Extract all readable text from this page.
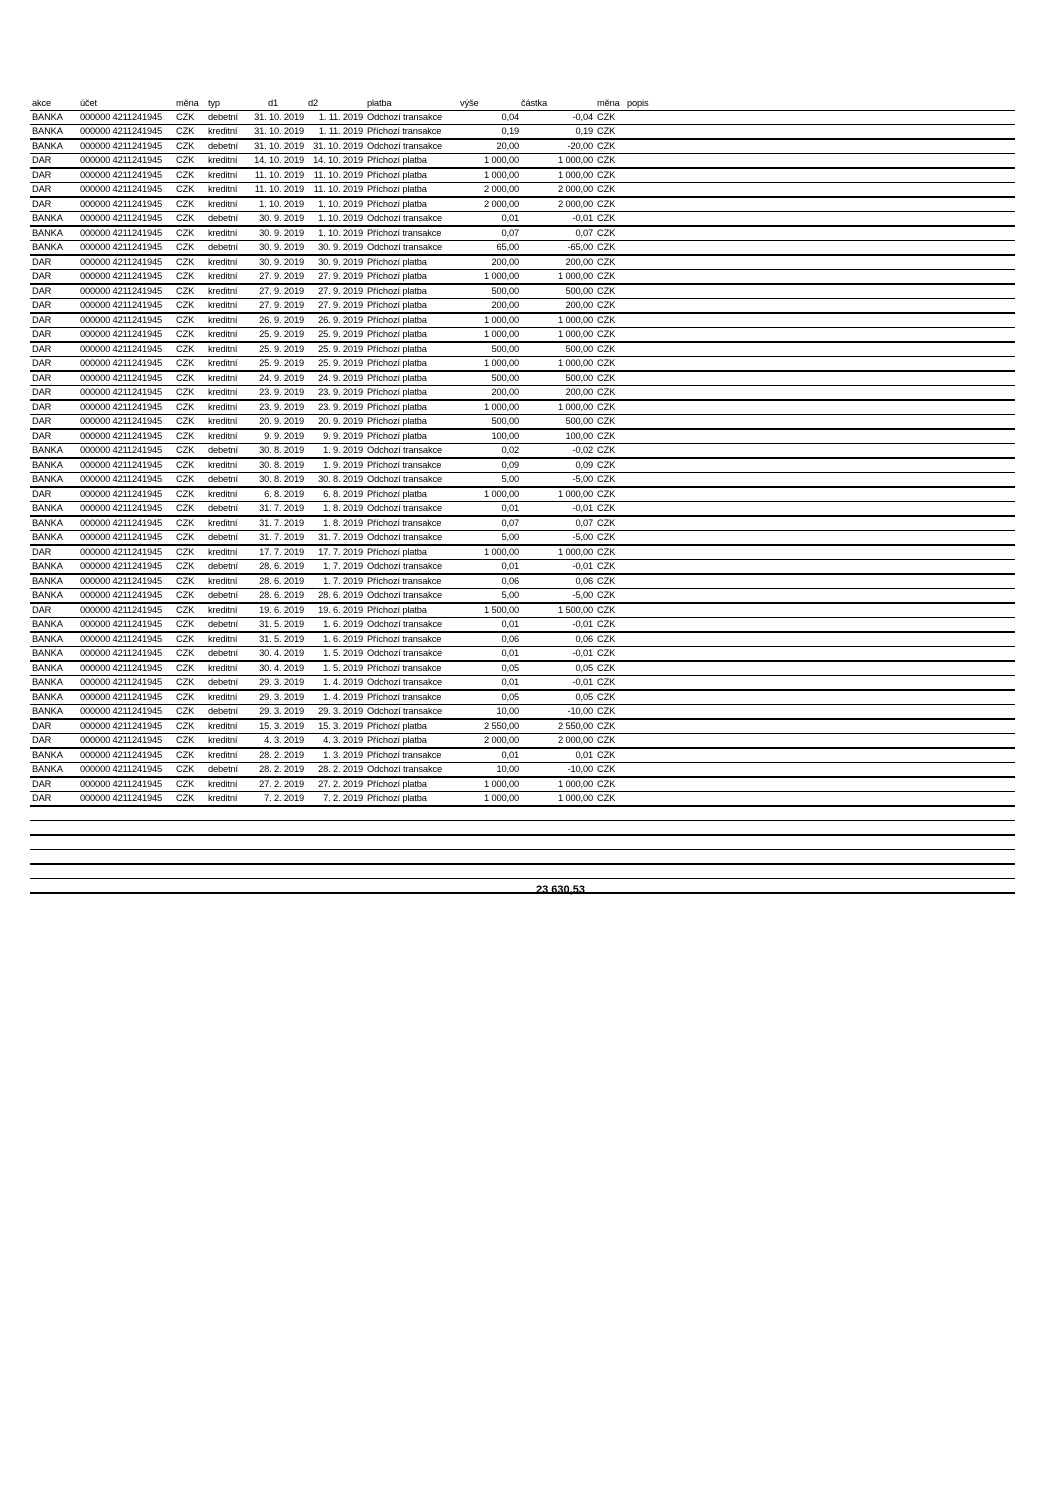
akce	účet	měna	typ	d1	d2	platba	výše	částka	měna	popis
BANKA	000000 4211241945	CZK	debetní	31. 10. 2019	1. 11. 2019	Odchozí transakce	0,04	-0,04	CZK	
BANKA	000000 4211241945	CZK	kreditní	31. 10. 2019	1. 11. 2019	Příchozí transakce	0,19	0,19	CZK	
BANKA	000000 4211241945	CZK	debetní	31. 10. 2019	31. 10. 2019	Odchozí transakce	20,00	-20,00	CZK	
DAR	000000 4211241945	CZK	kreditní	14. 10. 2019	14. 10. 2019	Příchozí platba	1 000,00	1 000,00	CZK	
DAR	000000 4211241945	CZK	kreditní	11. 10. 2019	11. 10. 2019	Příchozí platba	1 000,00	1 000,00	CZK	
DAR	000000 4211241945	CZK	kreditní	11. 10. 2019	11. 10. 2019	Příchozí platba	2 000,00	2 000,00	CZK	
DAR	000000 4211241945	CZK	kreditní	1. 10. 2019	1. 10. 2019	Příchozí platba	2 000,00	2 000,00	CZK	
BANKA	000000 4211241945	CZK	debetní	30. 9. 2019	1. 10. 2019	Odchozí transakce	0,01	-0,01	CZK	
BANKA	000000 4211241945	CZK	kreditní	30. 9. 2019	1. 10. 2019	Příchozí transakce	0,07	0,07	CZK	
BANKA	000000 4211241945	CZK	debetní	30. 9. 2019	30. 9. 2019	Odchozí transakce	65,00	-65,00	CZK	
DAR	000000 4211241945	CZK	kreditní	30. 9. 2019	30. 9. 2019	Příchozí platba	200,00	200,00	CZK	
DAR	000000 4211241945	CZK	kreditní	27. 9. 2019	27. 9. 2019	Příchozí platba	1 000,00	1 000,00	CZK	
DAR	000000 4211241945	CZK	kreditní	27. 9. 2019	27. 9. 2019	Příchozí platba	500,00	500,00	CZK	
DAR	000000 4211241945	CZK	kreditní	27. 9. 2019	27. 9. 2019	Příchozí platba	200,00	200,00	CZK	
DAR	000000 4211241945	CZK	kreditní	26. 9. 2019	26. 9. 2019	Příchozí platba	1 000,00	1 000,00	CZK	
DAR	000000 4211241945	CZK	kreditní	25. 9. 2019	25. 9. 2019	Příchozí platba	1 000,00	1 000,00	CZK	
DAR	000000 4211241945	CZK	kreditní	25. 9. 2019	25. 9. 2019	Příchozí platba	500,00	500,00	CZK	
DAR	000000 4211241945	CZK	kreditní	25. 9. 2019	25. 9. 2019	Příchozí platba	1 000,00	1 000,00	CZK	
DAR	000000 4211241945	CZK	kreditní	24. 9. 2019	24. 9. 2019	Příchozí platba	500,00	500,00	CZK	
DAR	000000 4211241945	CZK	kreditní	23. 9. 2019	23. 9. 2019	Příchozí platba	200,00	200,00	CZK	
DAR	000000 4211241945	CZK	kreditní	23. 9. 2019	23. 9. 2019	Příchozí platba	1 000,00	1 000,00	CZK	
DAR	000000 4211241945	CZK	kreditní	20. 9. 2019	20. 9. 2019	Příchozí platba	500,00	500,00	CZK	
DAR	000000 4211241945	CZK	kreditní	9. 9. 2019	9. 9. 2019	Příchozí platba	100,00	100,00	CZK	
BANKA	000000 4211241945	CZK	debetní	30. 8. 2019	1. 9. 2019	Odchozí transakce	0,02	-0,02	CZK	
BANKA	000000 4211241945	CZK	kreditní	30. 8. 2019	1. 9. 2019	Příchozí transakce	0,09	0,09	CZK	
BANKA	000000 4211241945	CZK	debetní	30. 8. 2019	30. 8. 2019	Odchozí transakce	5,00	-5,00	CZK	
DAR	000000 4211241945	CZK	kreditní	6. 8. 2019	6. 8. 2019	Příchozí platba	1 000,00	1 000,00	CZK	
BANKA	000000 4211241945	CZK	debetní	31. 7. 2019	1. 8. 2019	Odchozí transakce	0,01	-0,01	CZK	
BANKA	000000 4211241945	CZK	kreditní	31. 7. 2019	1. 8. 2019	Příchozí transakce	0,07	0,07	CZK	
BANKA	000000 4211241945	CZK	debetní	31. 7. 2019	31. 7. 2019	Odchozí transakce	5,00	-5,00	CZK	
DAR	000000 4211241945	CZK	kreditní	17. 7. 2019	17. 7. 2019	Příchozí platba	1 000,00	1 000,00	CZK	
BANKA	000000 4211241945	CZK	debetní	28. 6. 2019	1. 7. 2019	Odchozí transakce	0,01	-0,01	CZK	
BANKA	000000 4211241945	CZK	kreditní	28. 6. 2019	1. 7. 2019	Příchozí transakce	0,06	0,06	CZK	
BANKA	000000 4211241945	CZK	debetní	28. 6. 2019	28. 6. 2019	Odchozí transakce	5,00	-5,00	CZK	
DAR	000000 4211241945	CZK	kreditní	19. 6. 2019	19. 6. 2019	Příchozí platba	1 500,00	1 500,00	CZK	
BANKA	000000 4211241945	CZK	debetní	31. 5. 2019	1. 6. 2019	Odchozí transakce	0,01	-0,01	CZK	
BANKA	000000 4211241945	CZK	kreditní	31. 5. 2019	1. 6. 2019	Příchozí transakce	0,06	0,06	CZK	
BANKA	000000 4211241945	CZK	debetní	30. 4. 2019	1. 5. 2019	Odchozí transakce	0,01	-0,01	CZK	
BANKA	000000 4211241945	CZK	kreditní	30. 4. 2019	1. 5. 2019	Příchozí transakce	0,05	0,05	CZK	
BANKA	000000 4211241945	CZK	debetní	29. 3. 2019	1. 4. 2019	Odchozí transakce	0,01	-0,01	CZK	
BANKA	000000 4211241945	CZK	kreditní	29. 3. 2019	1. 4. 2019	Příchozí transakce	0,05	0,05	CZK	
BANKA	000000 4211241945	CZK	debetní	29. 3. 2019	29. 3. 2019	Odchozí transakce	10,00	-10,00	CZK	
DAR	000000 4211241945	CZK	kreditní	15. 3. 2019	15. 3. 2019	Příchozí platba	2 550,00	2 550,00	CZK	
DAR	000000 4211241945	CZK	kreditní	4. 3. 2019	4. 3. 2019	Příchozí platba	2 000,00	2 000,00	CZK	
BANKA	000000 4211241945	CZK	kreditní	28. 2. 2019	1. 3. 2019	Příchozí transakce	0,01	0,01	CZK	
BANKA	000000 4211241945	CZK	debetní	28. 2. 2019	28. 2. 2019	Odchozí transakce	10,00	-10,00	CZK	
DAR	000000 4211241945	CZK	kreditní	27. 2. 2019	27. 2. 2019	Příchozí platba	1 000,00	1 000,00	CZK	
DAR	000000 4211241945	CZK	kreditní	7. 2. 2019	7. 2. 2019	Příchozí platba	1 000,00	1 000,00	CZK	

23 630,53
